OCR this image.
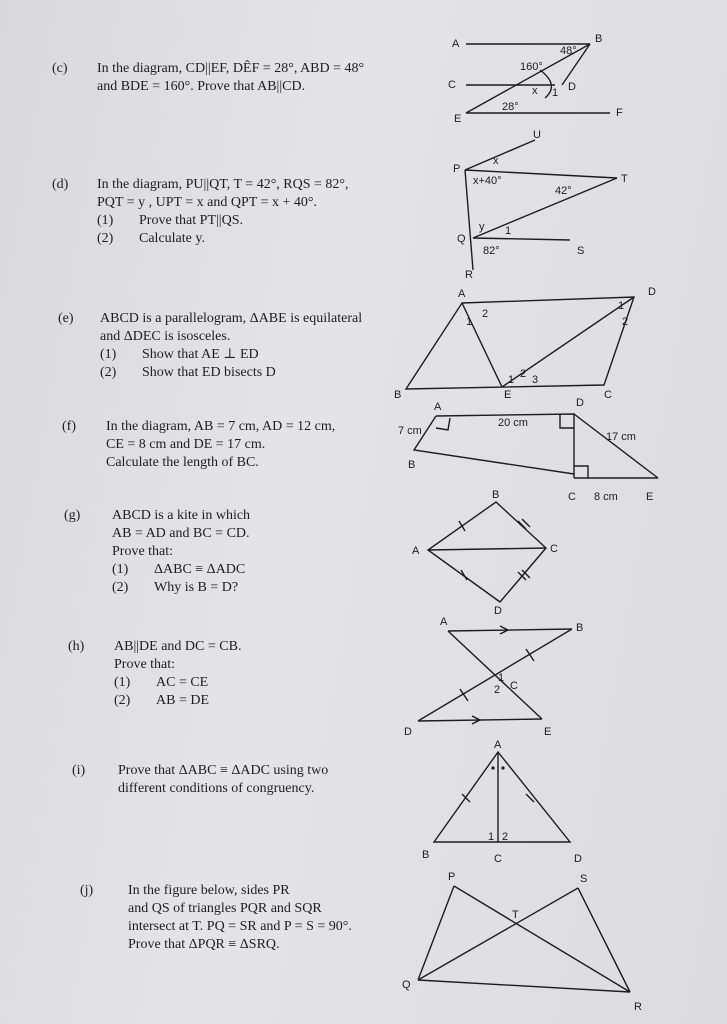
(c) In the diagram, CD||EF, DÊF = 28°, ABD = 48°
and BDE = 160°. Prove that AB||CD.
A	B
C	D
E	F
48°
160°
x 1
28°
(d) In the diagram, PU||QT, T = 42°, RQS = 82°,
PQT = y , UPT = x and QPT = x + 40°.
(1) Prove that PT||QS.
(2) Calculate y.
U
x
P
x+40°
42°
T
y 1
Q
82°	S
R
(e) ABCD is a parallelogram, ΔABE is equilateral
and ΔDEC is isosceles.
(1) Show that AE ⊥ ED
(2) Show that ED bisects D
A	D
B	E	C
1
2
1
2
1 2 3
(f) In the diagram, AB = 7 cm, AD = 12 cm,
CE = 8 cm and DE = 17 cm.
Calculate the length of BC.
A	D
B
C	E
7 cm
20 cm
17 cm
8 cm
(g) ABCD is a kite in which
AB = AD and BC = CD.
Prove that:
(1) ΔABC ≡ ΔADC
(2) Why is B = D?
B
C
A
D
(h) AB||DE and DC = CB.
Prove that:
(1) AC = CE
(2) AB = DE
A	B
C
D	E
1
2
(i) Prove that ΔABC ≡ ΔADC using two
different conditions of congruency.
A
B	C	D
1 2
(j) In the figure below, sides PR
and QS of triangles PQR and SQR
intersect at T. PQ = SR and P = S = 90°.
Prove that ΔPQR ≡ ΔSRQ.
P	S
T
Q
R
